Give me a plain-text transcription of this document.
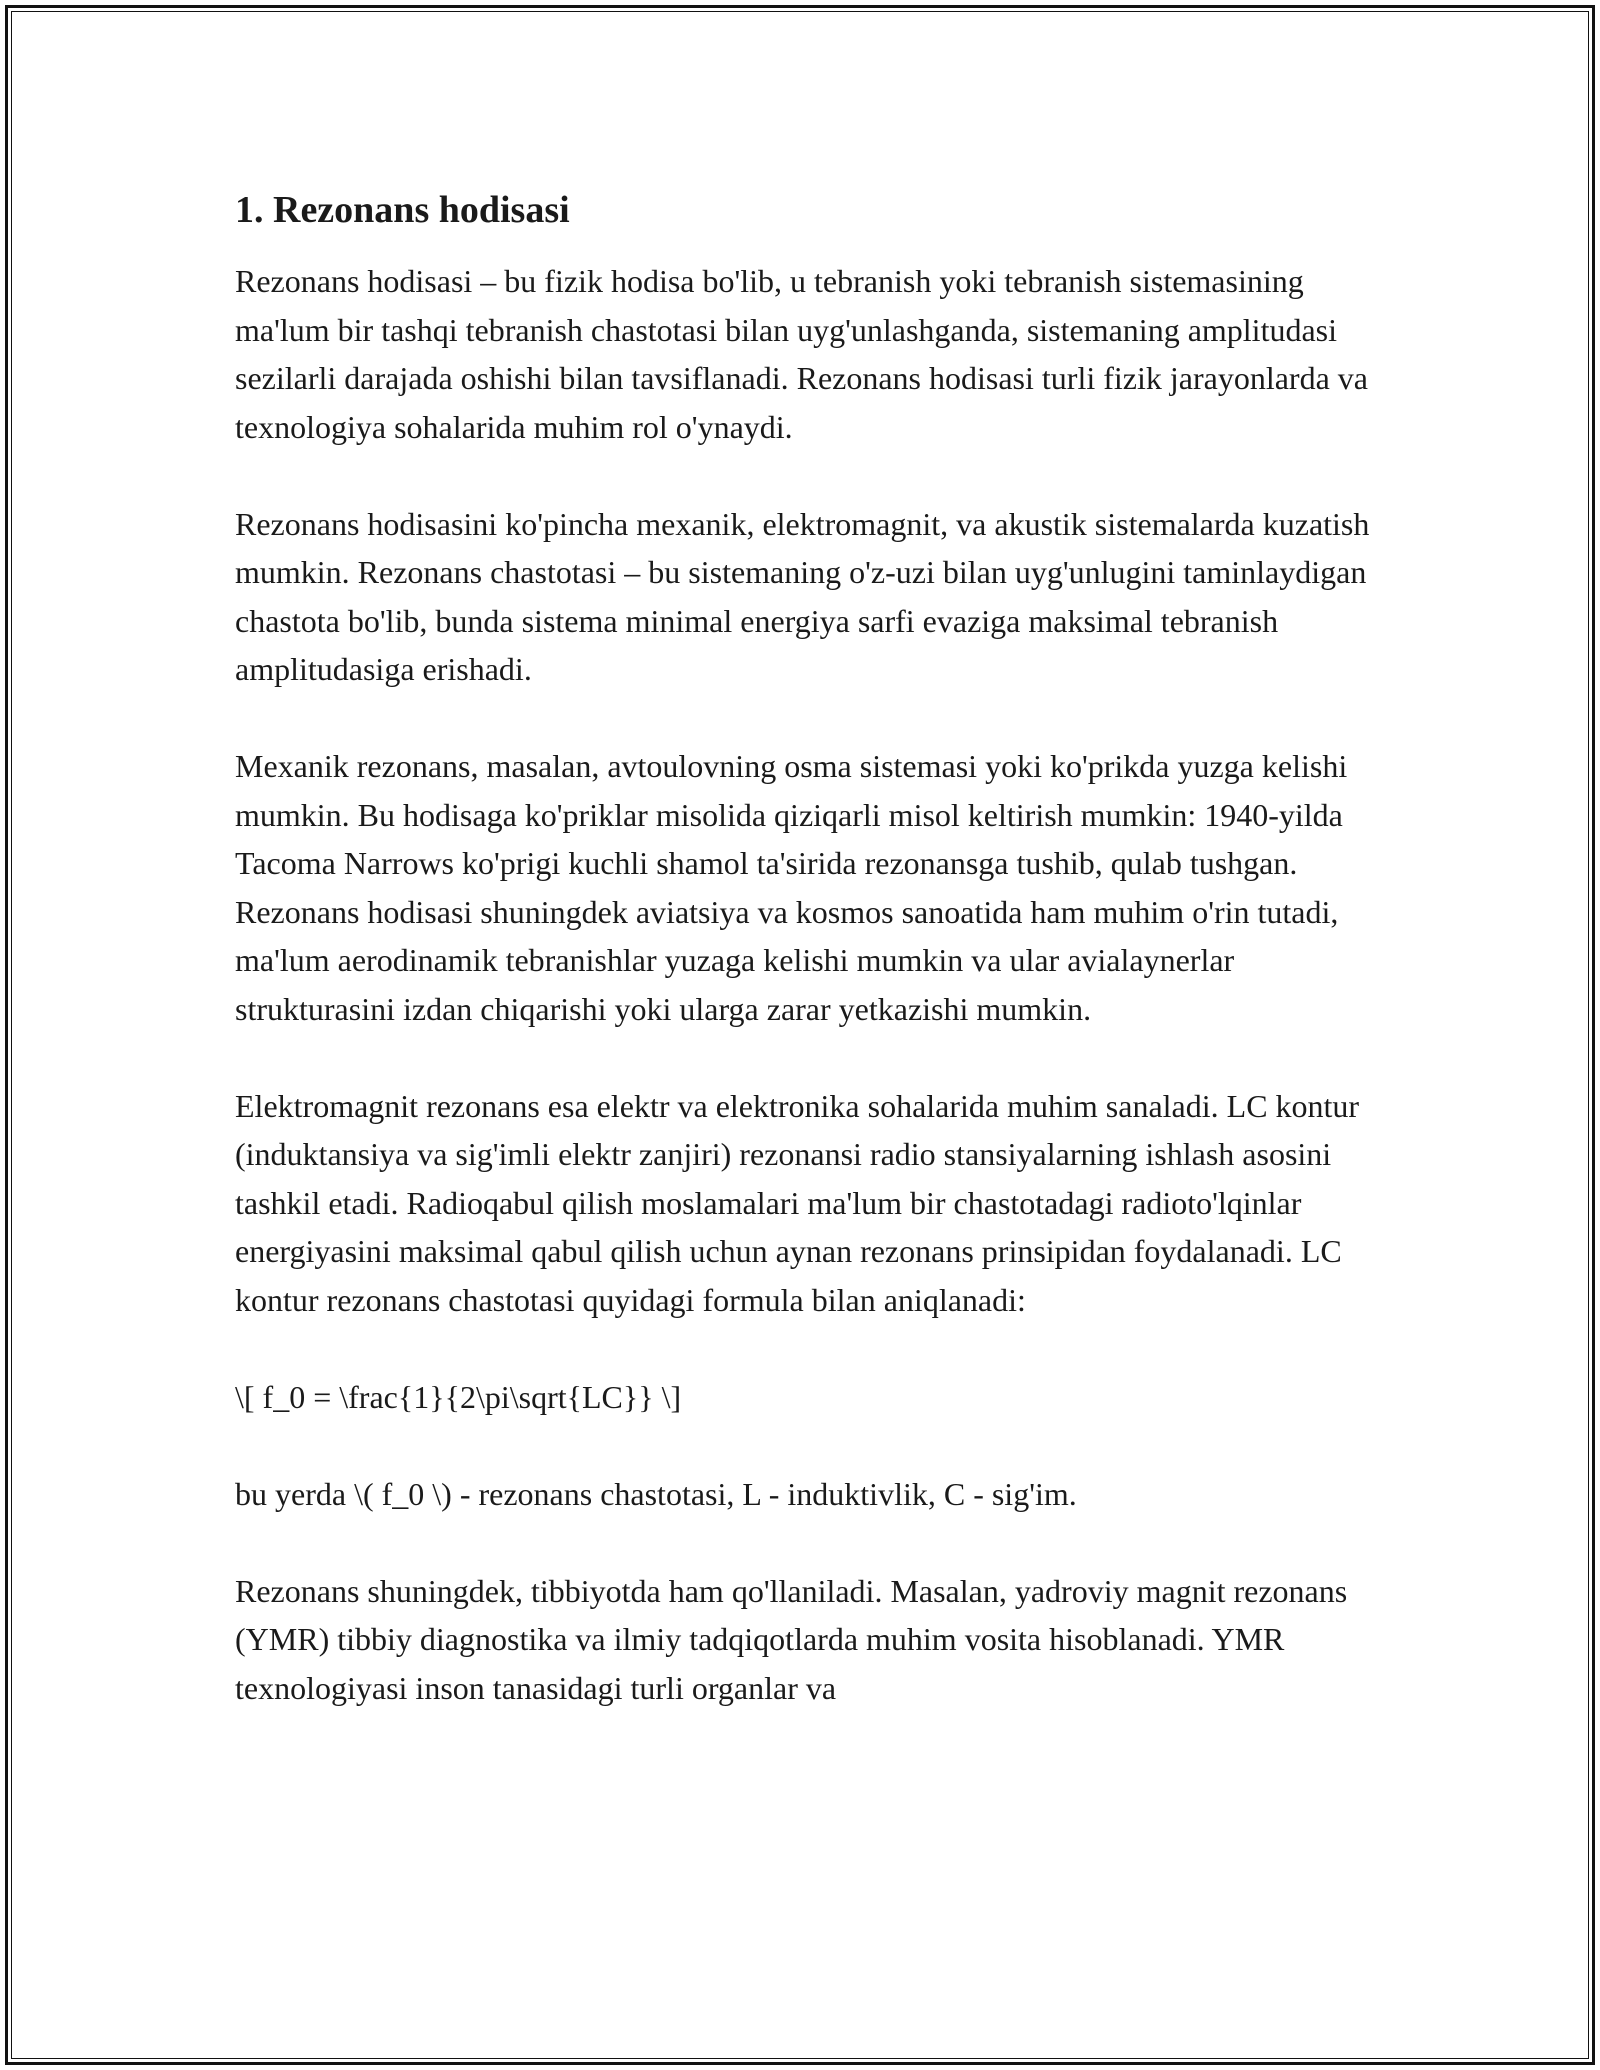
1. Rezonans hodisasi

Rezonans hodisasi – bu fizik hodisa bo'lib, u tebranish yoki tebranish sistemasining ma'lum bir tashqi tebranish chastotasi bilan uyg'unlashganda, sistemaning amplitudasi sezilarli darajada oshishi bilan tavsiflanadi. Rezonans hodisasi turli fizik jarayonlarda va texnologiya sohalarida muhim rol o'ynaydi.

Rezonans hodisasini ko'pincha mexanik, elektromagnit, va akustik sistemalarda kuzatish mumkin. Rezonans chastotasi – bu sistemaning o'z-uzi bilan uyg'unlugini taminlaydigan chastota bo'lib, bunda sistema minimal energiya sarfi evaziga maksimal tebranish amplitudasiga erishadi.

Mexanik rezonans, masalan, avtoulovning osma sistemasi yoki ko'prikda yuzga kelishi mumkin. Bu hodisaga ko'priklar misolida qiziqarli misol keltirish mumkin: 1940-yilda Tacoma Narrows ko'prigi kuchli shamol ta'sirida rezonansga tushib, qulab tushgan. Rezonans hodisasi shuningdek aviatsiya va kosmos sanoatida ham muhim o'rin tutadi, ma'lum aerodinamik tebranishlar yuzaga kelishi mumkin va ular avialaynerlar strukturasini izdan chiqarishi yoki ularga zarar yetkazishi mumkin.

Elektromagnit rezonans esa elektr va elektronika sohalarida muhim sanaladi. LC kontur (induktansiya va sig'imli elektr zanjiri) rezonansi radio stansiyalarning ishlash asosini tashkil etadi. Radioqabul qilish moslamalari ma'lum bir chastotadagi radioto'lqinlar energiyasini maksimal qabul qilish uchun aynan rezonans prinsipidan foydalanadi. LC kontur rezonans chastotasi quyidagi formula bilan aniqlanadi:

\[ f_0 = \frac{1}{2\pi\sqrt{LC}} \]

bu yerda \( f_0 \) - rezonans chastotasi, L - induktivlik, C - sig'im.

Rezonans shuningdek, tibbiyotda ham qo'llaniladi. Masalan, yadroviy magnit rezonans (YMR) tibbiy diagnostika va ilmiy tadqiqotlarda muhim vosita hisoblanadi. YMR texnologiyasi inson tanasidagi turli organlar va
